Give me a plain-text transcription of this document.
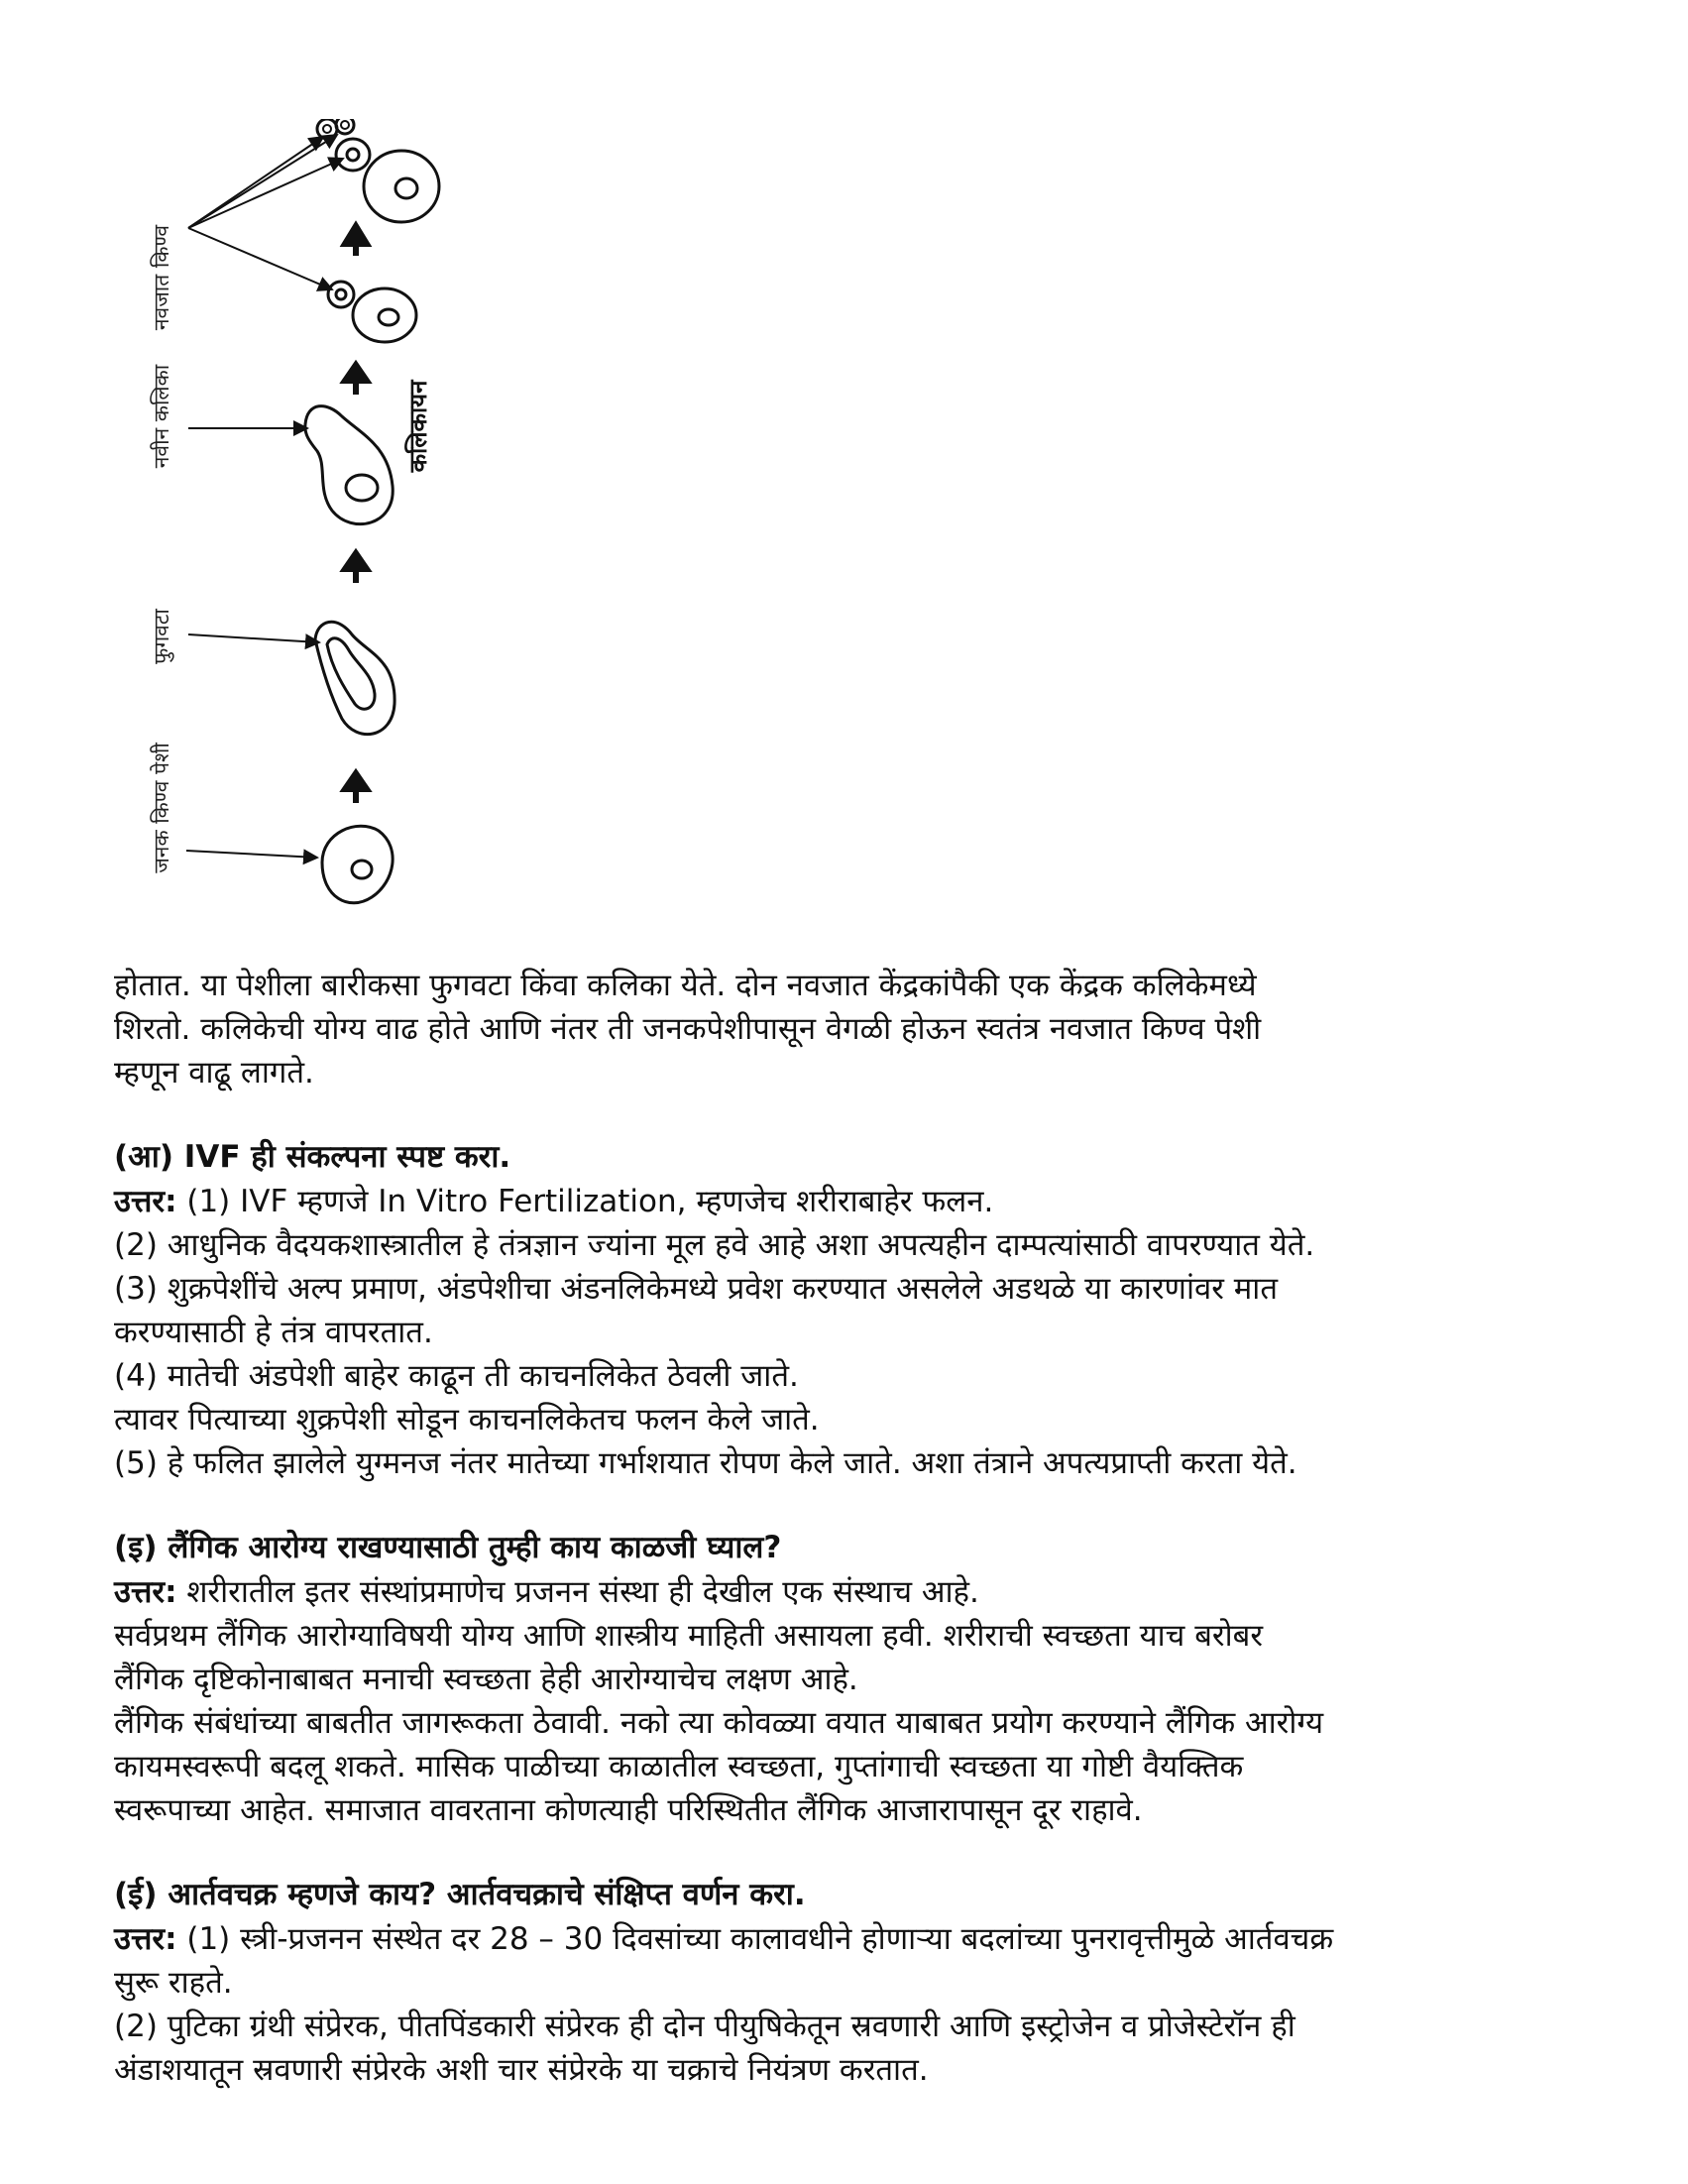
नवजात किण्व
नवीन कलिका
फुगवटा
जनक किण्व पेशी
कलिकायन

होतात. या पेशीला बारीकसा फुगवटा किंवा कलिका येते. दोन नवजात केंद्रकांपैकी एक केंद्रक कलिकेमध्ये

शिरतो. कलिकेची योग्य वाढ होते आणि नंतर ती जनकपेशीपासून वेगळी होऊन स्वतंत्र नवजात किण्व पेशी

म्हणून वाढू लागते.

(आ) IVF ही संकल्पना स्पष्ट करा.

उत्तर: (1) IVF म्हणजे In Vitro Fertilization, म्हणजेच शरीराबाहेर फलन.

(2) आधुनिक वैदयकशास्त्रातील हे तंत्रज्ञान ज्यांना मूल हवे आहे अशा अपत्यहीन दाम्पत्यांसाठी वापरण्यात येते.

(3) शुक्रपेशींचे अल्प प्रमाण, अंडपेशीचा अंडनलिकेमध्ये प्रवेश करण्यात असलेले अडथळे या कारणांवर मात

करण्यासाठी हे तंत्र वापरतात.

(4) मातेची अंडपेशी बाहेर काढून ती काचनलिकेत ठेवली जाते.

त्यावर पित्याच्या शुक्रपेशी सोडून काचनलिकेतच फलन केले जाते.

(5) हे फलित झालेले युग्मनज नंतर मातेच्या गर्भाशयात रोपण केले जाते. अशा तंत्राने अपत्यप्राप्ती करता येते.

(इ) लैंगिक आरोग्य राखण्यासाठी तुम्ही काय काळजी घ्याल?

उत्तर: शरीरातील इतर संस्थांप्रमाणेच प्रजनन संस्था ही देखील एक संस्थाच आहे.

सर्वप्रथम लैंगिक आरोग्याविषयी योग्य आणि शास्त्रीय माहिती असायला हवी. शरीराची स्वच्छता याच बरोबर

लैंगिक दृष्टिकोनाबाबत मनाची स्वच्छता हेही आरोग्याचेच लक्षण आहे.

लैंगिक संबंधांच्या बाबतीत जागरूकता ठेवावी. नको त्या कोवळ्या वयात याबाबत प्रयोग करण्याने लैंगिक आरोग्य

कायमस्वरूपी बदलू शकते. मासिक पाळीच्या काळातील स्वच्छता, गुप्तांगाची स्वच्छता या गोष्टी वैयक्तिक

स्वरूपाच्या आहेत. समाजात वावरताना कोणत्याही परिस्थितीत लैंगिक आजारापासून दूर राहावे.

(ई) आर्तवचक्र म्हणजे काय? आर्तवचक्राचे संक्षिप्त वर्णन करा.

उत्तर: (1) स्त्री-प्रजनन संस्थेत दर 28 – 30 दिवसांच्या कालावधीने होणाऱ्या बदलांच्या पुनरावृत्तीमुळे आर्तवचक्र

सुरू राहते.

(2) पुटिका ग्रंथी संप्रेरक, पीतपिंडकारी संप्रेरक ही दोन पीयुषिकेतून स्रवणारी आणि इस्ट्रोजेन व प्रोजेस्टेरॉन ही

अंडाशयातून स्रवणारी संप्रेरके अशी चार संप्रेरके या चक्राचे नियंत्रण करतात.
